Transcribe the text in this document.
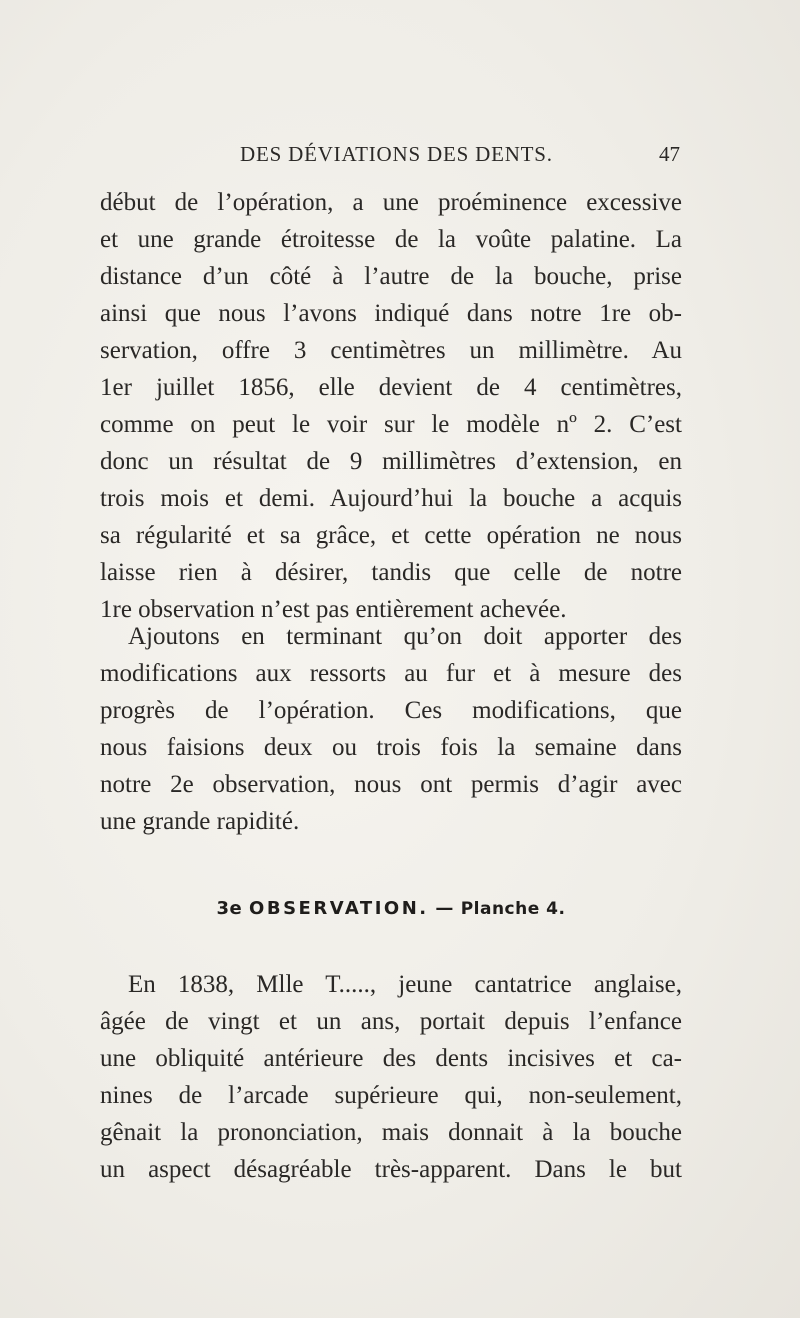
DES DÉVIATIONS DES DENTS.	47
début de l’opération, a une proéminence excessive
et une grande étroitesse de la voûte palatine. La
distance d’un côté à l’autre de la bouche, prise
ainsi que nous l’avons indiqué dans notre 1re ob-
servation, offre 3 centimètres un millimètre. Au
1er juillet 1856, elle devient de 4 centimètres,
comme on peut le voir sur le modèle nº 2. C’est
donc un résultat de 9 millimètres d’extension, en
trois mois et demi. Aujourd’hui la bouche a acquis
sa régularité et sa grâce, et cette opération ne nous
laisse rien à désirer, tandis que celle de notre
1re observation n’est pas entièrement achevée.
Ajoutons en terminant qu’on doit apporter des
modifications aux ressorts au fur et à mesure des
progrès de l’opération. Ces modifications, que
nous faisions deux ou trois fois la semaine dans
notre 2e observation, nous ont permis d’agir avec
une grande rapidité.
3e OBSERVATION. — Planche 4.
En 1838, Mlle T....., jeune cantatrice anglaise,
âgée de vingt et un ans, portait depuis l’enfance
une obliquité antérieure des dents incisives et ca-
nines de l’arcade supérieure qui, non-seulement,
gênait la prononciation, mais donnait à la bouche
un aspect désagréable très-apparent. Dans le but
